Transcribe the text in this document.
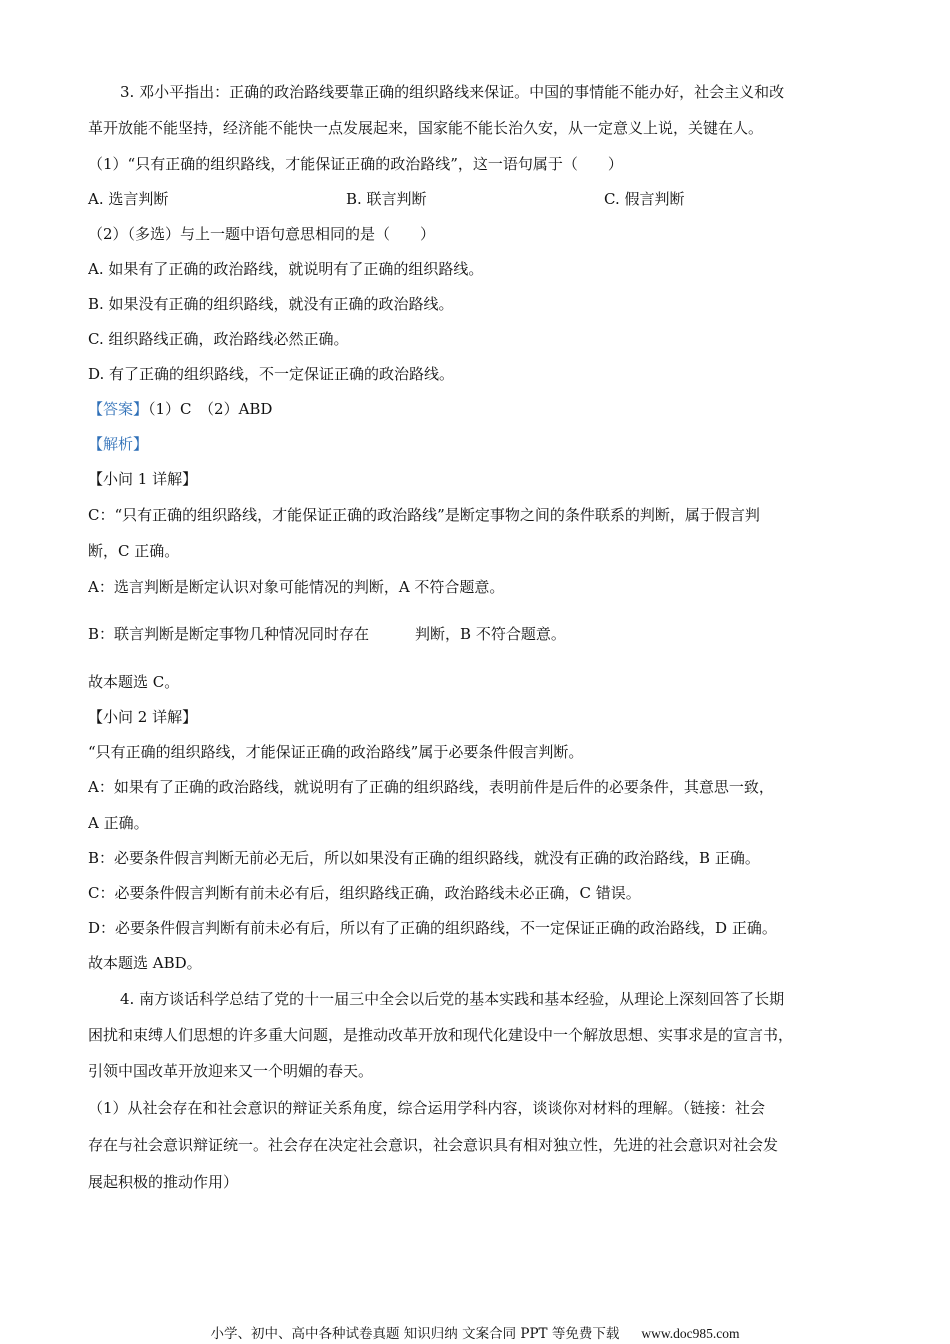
3. 邓小平指出：正确的政治路线要靠正确的组织路线来保证。中国的事情能不能办好，社会主义和改
革开放能不能坚持，经济能不能快一点发展起来，国家能不能长治久安，从一定意义上说，关键在人。
（1）“只有正确的组织路线，才能保证正确的政治路线”，这一语句属于（　　）
A. 选言判断	B. 联言判断	C. 假言判断
（2）（多选）与上一题中语句意思相同的是（　　）
A. 如果有了正确的政治路线，就说明有了正确的组织路线。
B. 如果没有正确的组织路线，就没有正确的政治路线。
C. 组织路线正确，政治路线必然正确。
D. 有了正确的组织路线，不一定保证正确的政治路线。
【答案】（1）C　（2）ABD
【解析】
【小问 1 详解】
C：“只有正确的组织路线，才能保证正确的政治路线”是断定事物之间的条件联系的判断，属于假言判
断，C 正确。
A：选言判断是断定认识对象可能情况的判断，A 不符合题意。
B：联言判断是断定事物几种情况同时存在	判断，B 不符合题意。
故本题选 C。
【小问 2 详解】
“只有正确的组织路线，才能保证正确的政治路线”属于必要条件假言判断。
A：如果有了正确的政治路线，就说明有了正确的组织路线，表明前件是后件的必要条件，其意思一致，
A 正确。
B：必要条件假言判断无前必无后，所以如果没有正确的组织路线，就没有正确的政治路线，B 正确。
C：必要条件假言判断有前未必有后，组织路线正确，政治路线未必正确，C 错误。
D：必要条件假言判断有前未必有后，所以有了正确的组织路线，不一定保证正确的政治路线，D 正确。
故本题选 ABD。
4. 南方谈话科学总结了党的十一届三中全会以后党的基本实践和基本经验，从理论上深刻回答了长期
困扰和束缚人们思想的许多重大问题，是推动改革开放和现代化建设中一个解放思想、实事求是的宣言书，
引领中国改革开放迎来又一个明媚的春天。
（1）从社会存在和社会意识的辩证关系角度，综合运用学科内容，谈谈你对材料的理解。（链接：社会
存在与社会意识辩证统一。社会存在决定社会意识，社会意识具有相对独立性，先进的社会意识对社会发
展起积极的推动作用）
小学、初中、高中各种试卷真题 知识归纳 文案合同 PPT 等免费下载 www.doc985.com
